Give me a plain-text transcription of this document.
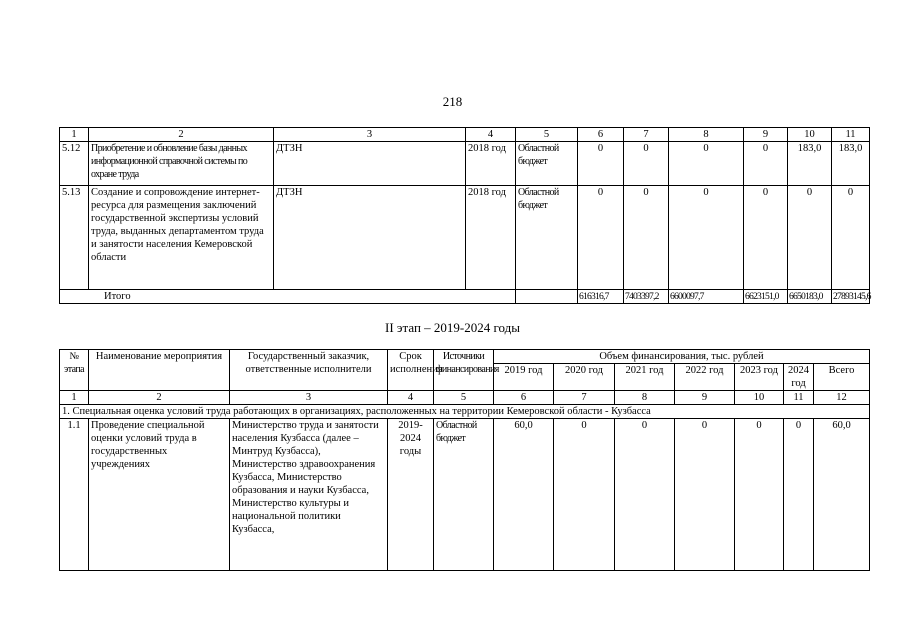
218
1	2	3	4	5	6	7	8	9	10	11
5.12	Приобретение и обновление базы данных информационной справочной системы по охране труда	ДТЗН	2018 год	Областной бюджет	0	0	0	0	183,0	183,0
5.13	Создание и сопровождение интернет-ресурса для размещения заключений государственной экспертизы условий труда, выданных департаментом труда и занятости населения Кемеровской области	ДТЗН	2018 год	Областной бюджет	0	0	0	0	0	0
Итого					616316,7	7403397,2	6600097,7	6623151,0	6650183,0	27893145,6
II этап – 2019-2024 годы
№ этапа	Наименование мероприятия	Государственный заказчик, ответственные исполнители	Срок исполнения	Источники финансирования	Объем финансирования, тыс. рублей						
					2019 год	2020 год	2021 год	2022 год	2023 год	2024 год	Всего
1	2	3	4	5	6	7	8	9	10	11	12
1. Специальная оценка условий труда работающих в организациях, расположенных на территории Кемеровской области - Кузбасса											
1.1	Проведение специальной оценки условий труда в государственных учреждениях	Министерство труда и занятости населения Кузбасса (далее – Минтруд Кузбасса), Министерство здравоохранения Кузбасса, Министерство образования и науки Кузбасса, Министерство культуры и национальной политики Кузбасса,	2019-2024 годы	Областной бюджет	60,0	0	0	0	0	0	60,0
